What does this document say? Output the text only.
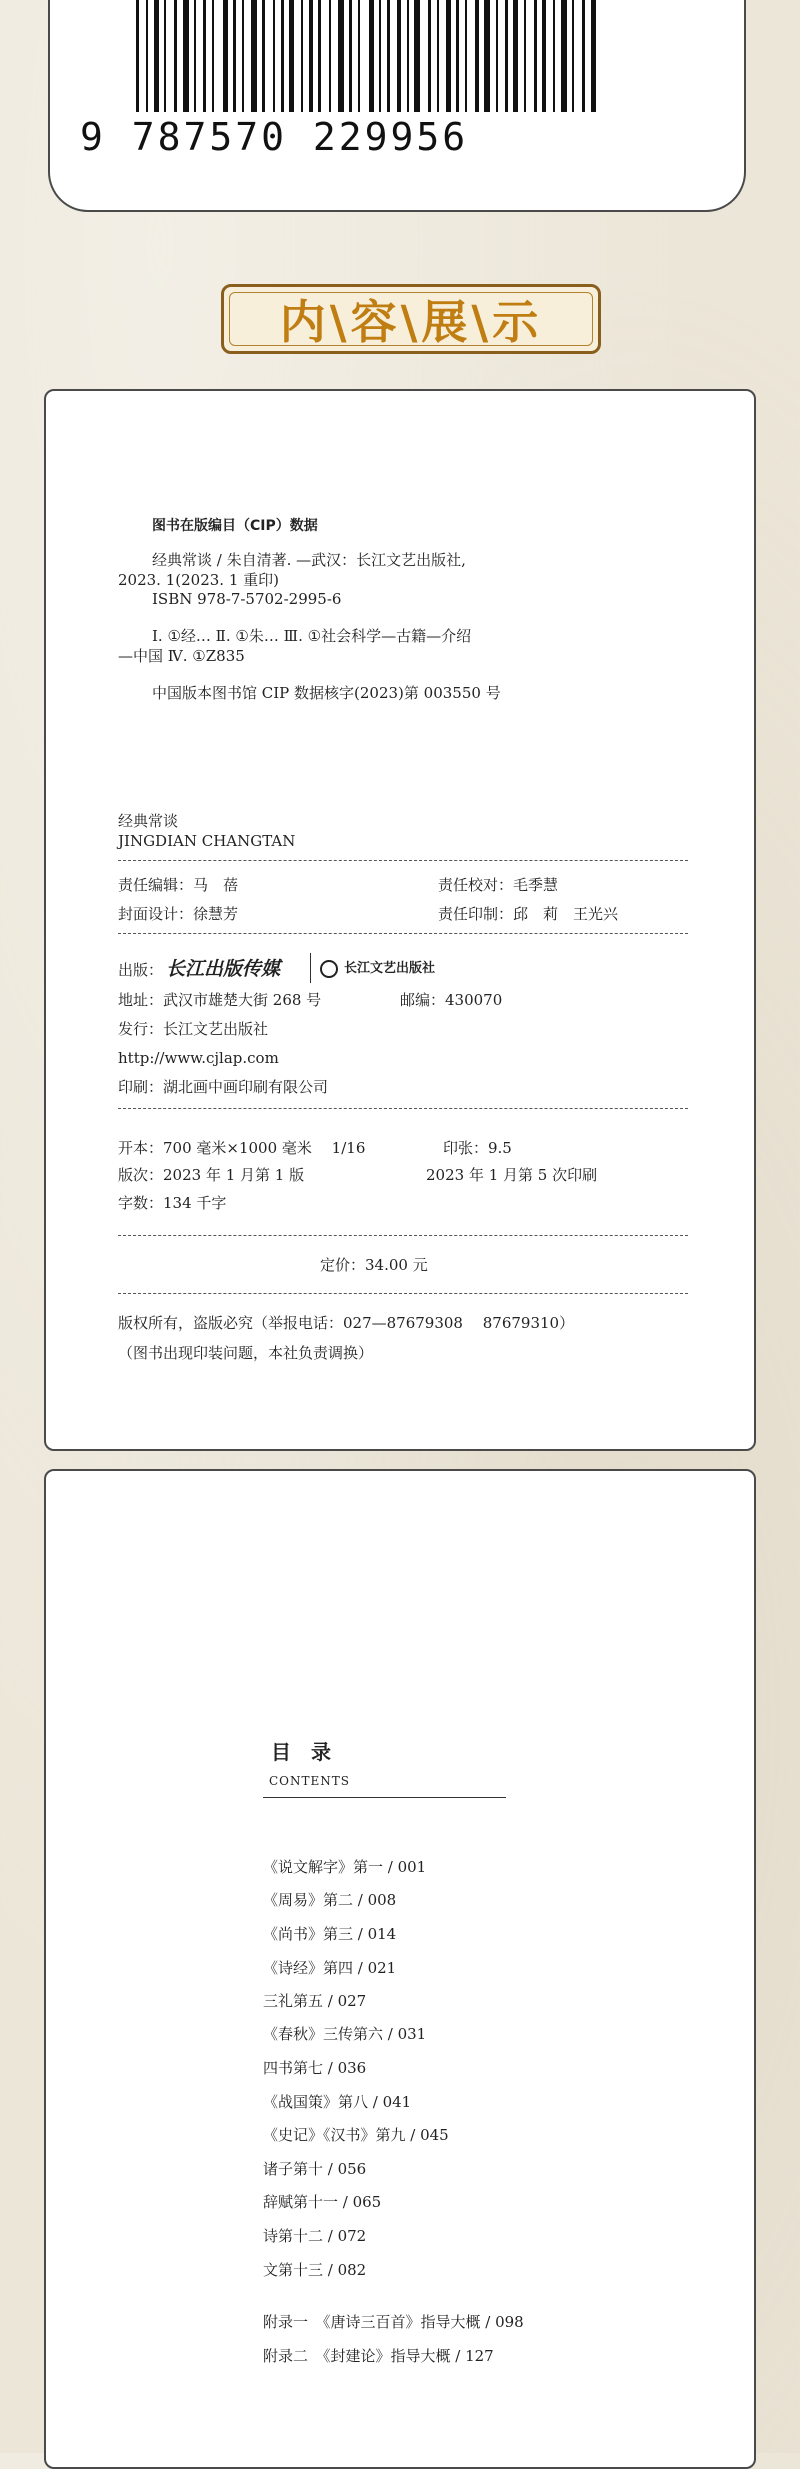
9 787570 229956
内\容\展\示
图书在版编目（CIP）数据
经典常谈 / 朱自清著. —武汉：长江文艺出版社,
2023. 1(2023. 1 重印)
ISBN 978-7-5702-2995-6
Ⅰ. ①经… Ⅱ. ①朱… Ⅲ. ①社会科学—古籍—介绍
—中国 Ⅳ. ①Z835
中国版本图书馆 CIP 数据核字(2023)第 003550 号
经典常谈
JINGDIAN CHANGTAN
责任编辑：马　蓓	责任校对：毛季慧
封面设计：徐慧芳	责任印制：邱　莉　王光兴
出版： 长江出版传媒	长江文艺出版社
地址：武汉市雄楚大街 268 号	邮编：430070
发行：长江文艺出版社
http://www.cjlap.com
印刷：湖北画中画印刷有限公司
开本：700 毫米×1000 毫米　 1/16	印张：9.5
版次：2023 年 1 月第 1 版	2023 年 1 月第 5 次印刷
字数：134 千字
定价：34.00 元
版权所有，盗版必究（举报电话：027—87679308　 87679310）
（图书出现印装问题，本社负责调换）
目　录
CONTENTS
《说文解字》第一 / 001
《周易》第二 / 008
《尚书》第三 / 014
《诗经》第四 / 021
三礼第五 / 027
《春秋》三传第六 / 031
四书第七 / 036
《战国策》第八 / 041
《史记》《汉书》第九 / 045
诸子第十 / 056
辞赋第十一 / 065
诗第十二 / 072
文第十三 / 082
附录一　《唐诗三百首》指导大概 / 098
附录二　《封建论》指导大概 / 127
